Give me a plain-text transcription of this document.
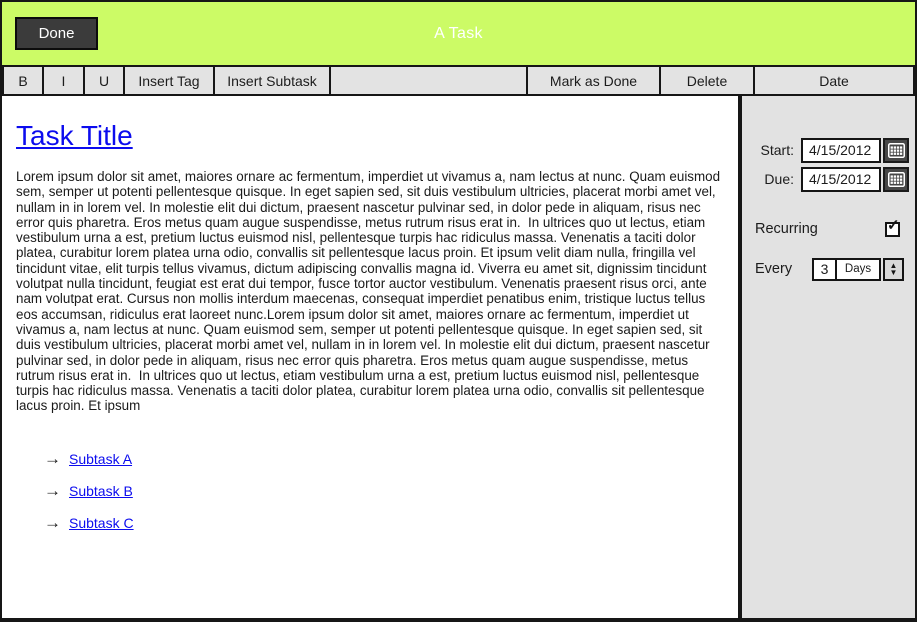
Done	A Task
B	I	U	Insert Tag	Insert Subtask	Mark as Done	Delete	Date
Task Title
Lorem ipsum dolor sit amet, maiores ornare ac fermentum, imperdiet ut vivamus a, nam lectus at nunc. Quam euismod sem, semper ut potenti pellentesque quisque. In eget sapien sed, sit duis vestibulum ultricies, placerat morbi amet vel, nullam in in lorem vel. In molestie elit dui dictum, praesent nascetur pulvinar sed, in dolor pede in aliquam, risus nec error quis pharetra. Eros metus quam augue suspendisse, metus rutrum risus erat in.  In ultrices quo ut lectus, etiam vestibulum urna a est, pretium luctus euismod nisl, pellentesque turpis hac ridiculus massa. Venenatis a taciti dolor platea, curabitur lorem platea urna odio, convallis sit pellentesque lacus proin. Et ipsum velit diam nulla, fringilla vel tincidunt vitae, elit turpis tellus vivamus, dictum adipiscing convallis magna id. Viverra eu amet sit, dignissim tincidunt volutpat nulla tincidunt, feugiat est erat dui tempor, fusce tortor auctor vestibulum. Venenatis praesent risus orci, ante nam volutpat erat. Cursus non mollis interdum maecenas, consequat imperdiet penatibus enim, tristique luctus tellus eos accumsan, ridiculus erat laoreet nunc.Lorem ipsum dolor sit amet, maiores ornare ac fermentum, imperdiet ut vivamus a, nam lectus at nunc. Quam euismod sem, semper ut potenti pellentesque quisque. In eget sapien sed, sit duis vestibulum ultricies, placerat morbi amet vel, nullam in in lorem vel. In molestie elit dui dictum, praesent nascetur pulvinar sed, in dolor pede in aliquam, risus nec error quis pharetra. Eros metus quam augue suspendisse, metus rutrum risus erat in.  In ultrices quo ut lectus, etiam vestibulum urna a est, pretium luctus euismod nisl, pellentesque turpis hac ridiculus massa. Venenatis a taciti dolor platea, curabitur lorem platea urna odio, convallis sit pellentesque lacus proin. Et ipsum
→ Subtask A
→ Subtask B
→ Subtask C
Start:
4/15/2012
Due:
4/15/2012
Recurring	✓
Every
3	Days	▲
▼
